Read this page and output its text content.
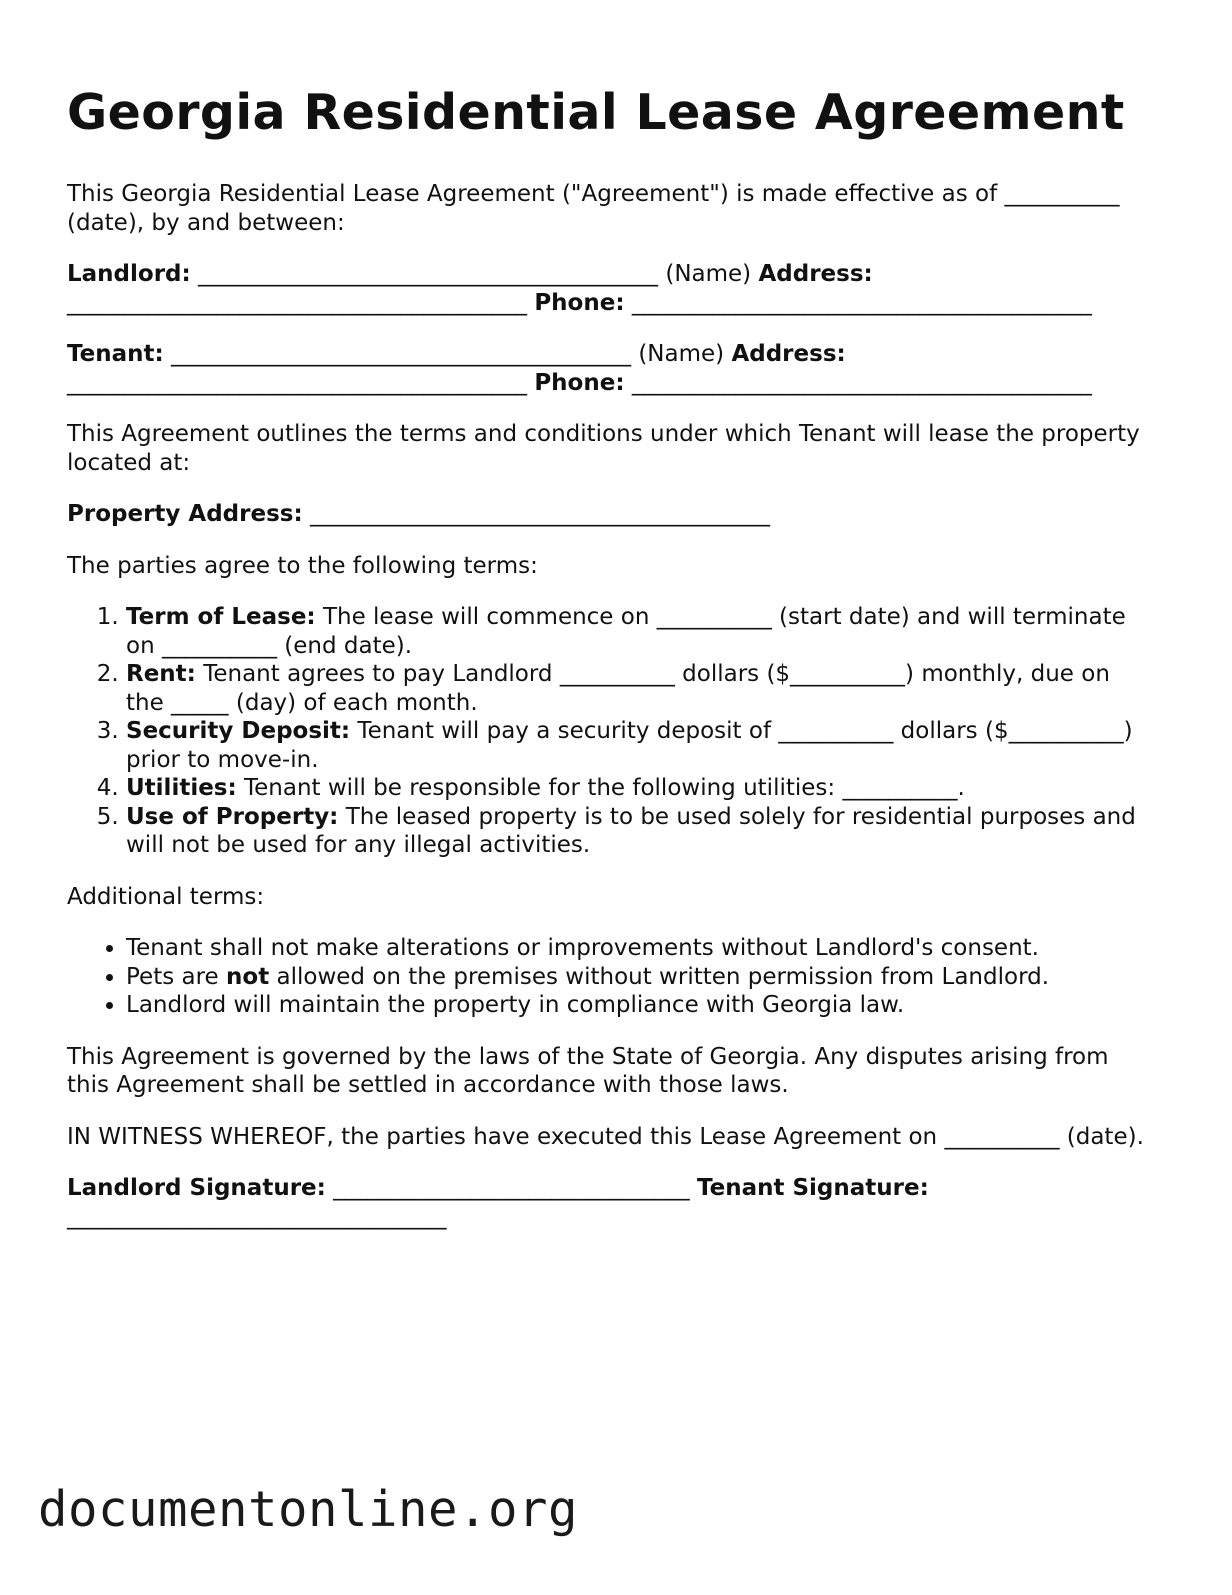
Georgia Residential Lease Agreement

This Georgia Residential Lease Agreement ("Agreement") is made effective as of __________ (date), by and between:

Landlord: ________________________________________ (Name) Address: ________________________________________ Phone: ________________________________________

Tenant: ________________________________________ (Name) Address: ________________________________________ Phone: ________________________________________

This Agreement outlines the terms and conditions under which Tenant will lease the property located at:

Property Address: ________________________________________

The parties agree to the following terms:

1. Term of Lease: The lease will commence on __________ (start date) and will terminate on __________ (end date).
2. Rent: Tenant agrees to pay Landlord __________ dollars ($__________) monthly, due on the _____ (day) of each month.
3. Security Deposit: Tenant will pay a security deposit of __________ dollars ($__________) prior to move-in.
4. Utilities: Tenant will be responsible for the following utilities: __________.
5. Use of Property: The leased property is to be used solely for residential purposes and will not be used for any illegal activities.

Additional terms:

• Tenant shall not make alterations or improvements without Landlord's consent.
• Pets are not allowed on the premises without written permission from Landlord.
• Landlord will maintain the property in compliance with Georgia law.

This Agreement is governed by the laws of the State of Georgia. Any disputes arising from this Agreement shall be settled in accordance with those laws.

IN WITNESS WHEREOF, the parties have executed this Lease Agreement on __________ (date).

Landlord Signature: _______________________________ Tenant Signature: _________________________________

documentonline.org
